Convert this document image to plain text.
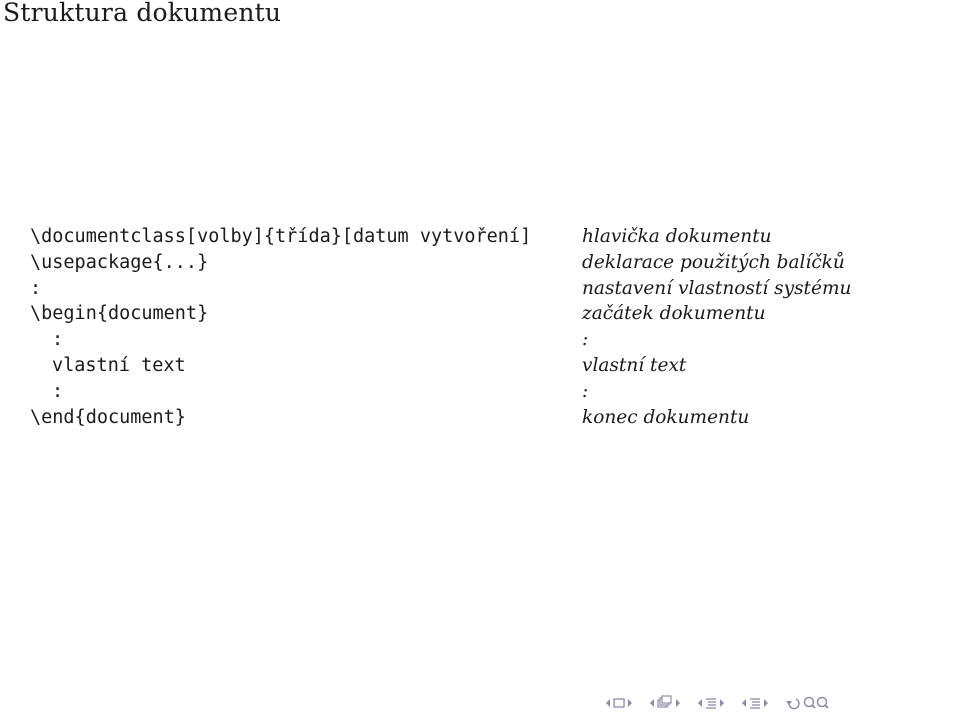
Struktura dokumentu
\documentclass[volby]{třída}[datum vytvoření]
\usepackage{...}
:
\begin{document}
:
vlastní text
:
\end{document}
hlavička dokumentu
deklarace použitých balíčků
nastavení vlastností systému
začátek dokumentu
:
vlastní text
:
konec dokumentu
